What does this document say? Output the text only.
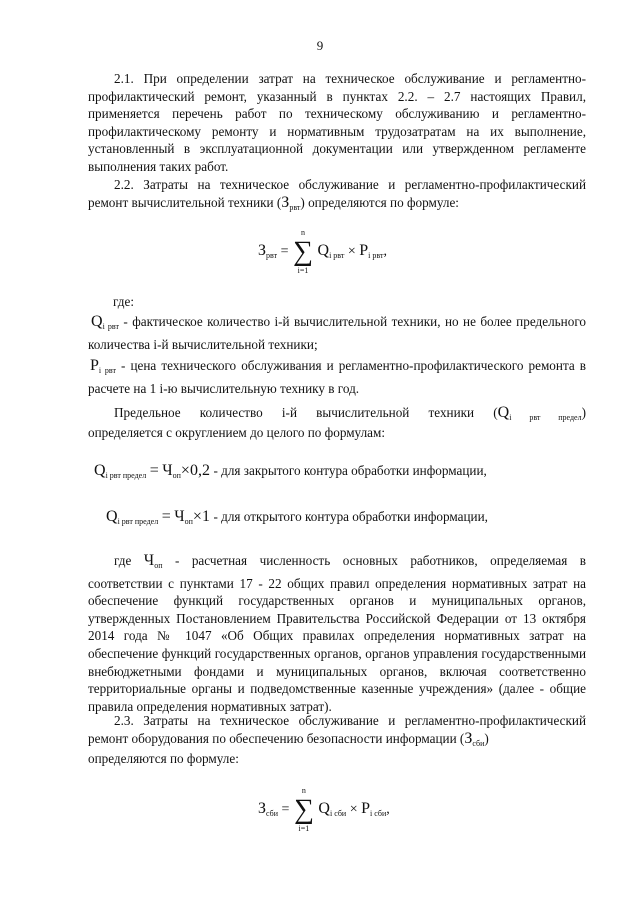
9

2.1. При определении затрат на техническое обслуживание и регламентно-профилактический ремонт, указанный в пунктах 2.2. – 2.7 настоящих Правил, применяется перечень работ по техническому обслуживанию и регламентно-профилактическому ремонту и нормативным трудозатратам на их выполнение, установленный в эксплуатационной документации или утвержденном регламенте выполнения таких работ.

2.2. Затраты на техническое обслуживание и регламентно-профилактический ремонт вычислительной техники $(З_{рвт})$ определяются по формуле:

$З_{рвт}$ =
n
∑
i=1
$Q_{i рвт} \times P_{i рвт}$,

где:

$Q_{i рвт}$ - фактическое количество i-й вычислительной техники, но не более предельного количества i-й вычислительной техники;

$P_{i рвт}$ - цена технического обслуживания и регламентно-профилактического ремонта в расчете на 1 i-ю вычислительную технику в год.

Предельное количество i-й вычислительной техники $(Q_{i рвт предел})$

определяется с округлением до целого по формулам:

$Q_{i рвт предел} = Ч_{оп}\times 0,2$ - для закрытого контура обработки информации,
$Q_{i рвт предел} = Ч_{оп}\times 1$ - для открытого контура обработки информации,

где $Ч_{оп}$ - расчетная численность основных работников, определяемая в соответствии с пунктами 17 - 22 общих правил определения нормативных затрат на обеспечение функций государственных органов и муниципальных органов, утвержденных Постановлением Правительства Российской Федерации от 13 октября 2014 года № 1047 «Об Общих правилах определения нормативных затрат на обеспечение функций государственных органов, органов управления государственными внебюджетными фондами и муниципальных органов, включая соответственно территориальные органы и подведомственные казенные учреждения» (далее - общие правила определения нормативных затрат).

2.3. Затраты на техническое обслуживание и регламентно-профилактический ремонт оборудования по обеспечению безопасности информации $(З_{сби})$

определяются по формуле:

$З_{сби}$ =
n
∑
i=1
$Q_{i сби} \times P_{i сби}$,
